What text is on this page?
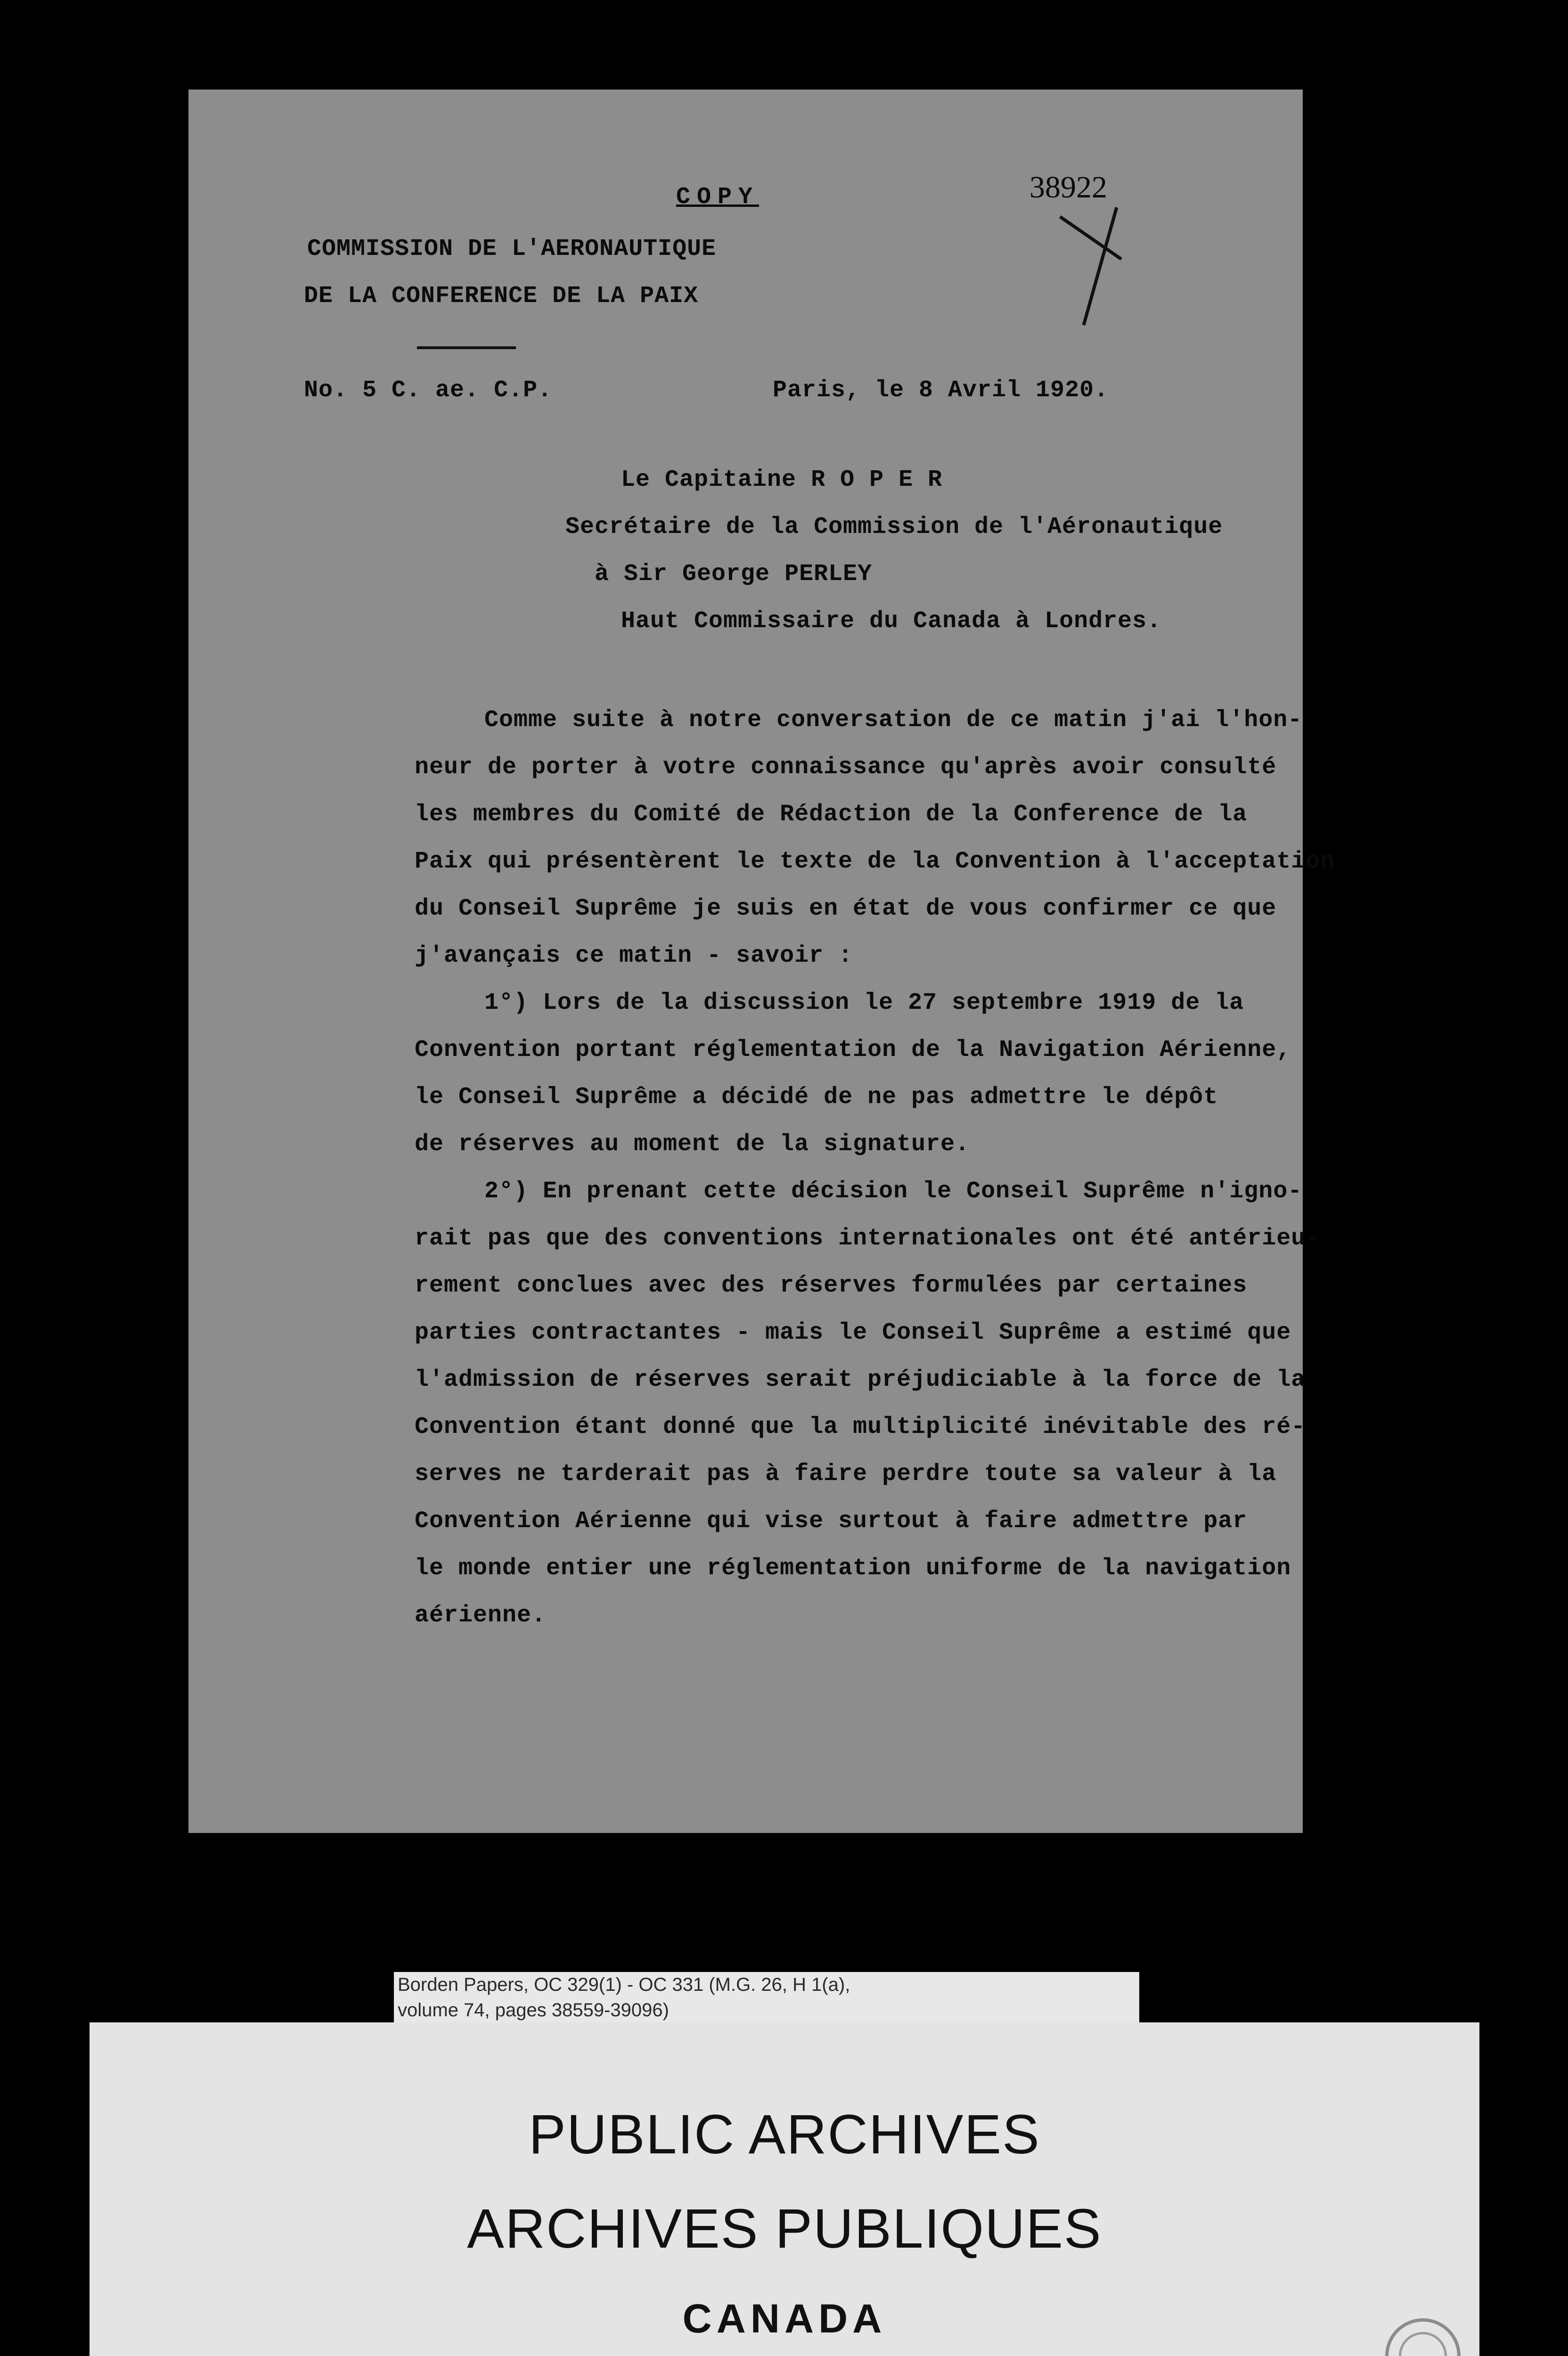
38922
COPY
COMMISSION DE L'AERONAUTIQUE
DE LA CONFERENCE DE LA PAIX
No. 5 C. ae. C.P.	Paris, le 8 Avril 1920.
Le Capitaine R O P E R
Secrétaire de la Commission de l'Aéronautique
à Sir George PERLEY
Haut Commissaire du Canada à Londres.
Comme suite à notre conversation de ce matin j'ai l'hon-
neur de porter à votre connaissance qu'après avoir consulté
les membres du Comité de Rédaction de la Conference de la
Paix qui présentèrent le texte de la Convention à l'acceptation
du Conseil Suprême je suis en état de vous confirmer ce que
j'avançais ce matin - savoir :
1°) Lors de la discussion le 27 septembre 1919 de la
Convention portant réglementation de la Navigation Aérienne,
le Conseil Suprême a décidé de ne pas admettre le dépôt
de réserves au moment de la signature.
2°) En prenant cette décision le Conseil Suprême n'igno-
rait pas que des conventions internationales ont été antérieu-
rement conclues avec des réserves formulées par certaines
parties contractantes - mais le Conseil Suprême a estimé que
l'admission de réserves serait préjudiciable à la force de la
Convention étant donné que la multiplicité inévitable des ré-
serves ne tarderait pas à faire perdre toute sa valeur à la
Convention Aérienne qui vise surtout à faire admettre par
le monde entier une réglementation uniforme de la navigation
aérienne.
Borden Papers, OC 329(1) - OC 331 (M.G. 26, H 1(a),
volume 74, pages 38559-39096)
PUBLIC ARCHIVES
ARCHIVES PUBLIQUES
CANADA
